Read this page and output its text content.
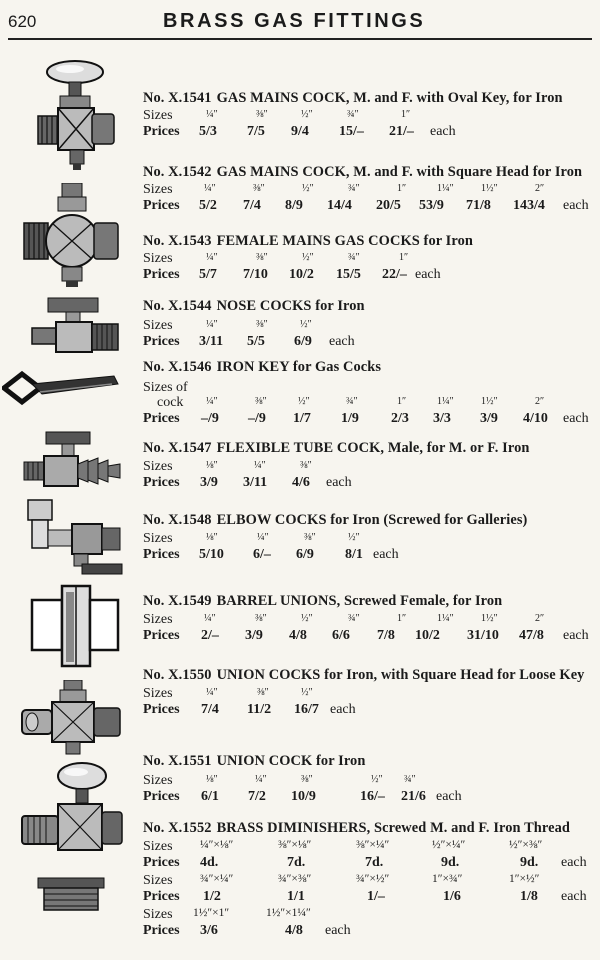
620	BRASS GAS FITTINGS
No. X.1541 GAS MAINS COCK, M. and F. with Oval Key, for Iron
Sizes	¼″	⅜″	½″	¾″	1″
Prices 5/3 7/5 9/4 15/– 21/– each
No. X.1542 GAS MAINS COCK, M. and F. with Square Head for Iron
Sizes	¼″	⅜″	½″	¾″	1″	1¼″	1½″	2″
Prices 5/2 7/4 8/9 14/4 20/5 53/9 71/8 143/4 each
No. X.1543 FEMALE MAINS GAS COCKS for Iron
Sizes	¼″	⅜″	½″	¾″	1″
Prices 5/7 7/10 10/2 15/5 22/– each
No. X.1544 NOSE COCKS for Iron
Sizes	¼″	⅜″	½″
Prices 3/11 5/5 6/9 each
No. X.1546 IRON KEY for Gas Cocks
Sizes of
cock ¼″	⅜″	½″	¾″	1″	1¼″	1½″	2″
Prices –/9 –/9 1/7 1/9 2/3 3/3 3/9 4/10 each
No. X.1547 FLEXIBLE TUBE COCK, Male, for M. or F. Iron
Sizes	⅛″	¼″	⅜″
Prices 3/9 3/11 4/6 each
No. X.1548 ELBOW COCKS for Iron (Screwed for Galleries)
Sizes	⅛″	¼″	⅜″	½″
Prices 5/10 6/– 6/9 8/1 each
No. X.1549 BARREL UNIONS, Screwed Female, for Iron
Sizes	¼″	⅜″	½″	¾″	1″	1¼″	1½″	2″
Prices 2/– 3/9 4/8 6/6 7/8 10/2 31/10 47/8 each
No. X.1550 UNION COCKS for Iron, with Square Head for Loose Key
Sizes	¼″	⅜″	½″
Prices 7/4 11/2 16/7 each
No. X.1551 UNION COCK for Iron
Sizes	⅛″	¼″	⅜″	½″ ¾″
Prices 6/1 7/2 10/9	16/– 21/6 each
No. X.1552 BRASS DIMINISHERS, Screwed M. and F. Iron Thread
Sizes ¼″×⅛″	⅜″×⅛″	⅜″×¼″	½″×¼″	½″×⅜″
Prices 4d.	7d.	7d.	9d.	9d. each
Sizes ¾″×¼″	¾″×⅜″	¾″×½″	1″×¾″	1″×½″
Prices 1/2	1/1	1/–	1/6	1/8 each
Sizes 1½″×1″	1½″×1¼″
Prices 3/6	4/8 each
